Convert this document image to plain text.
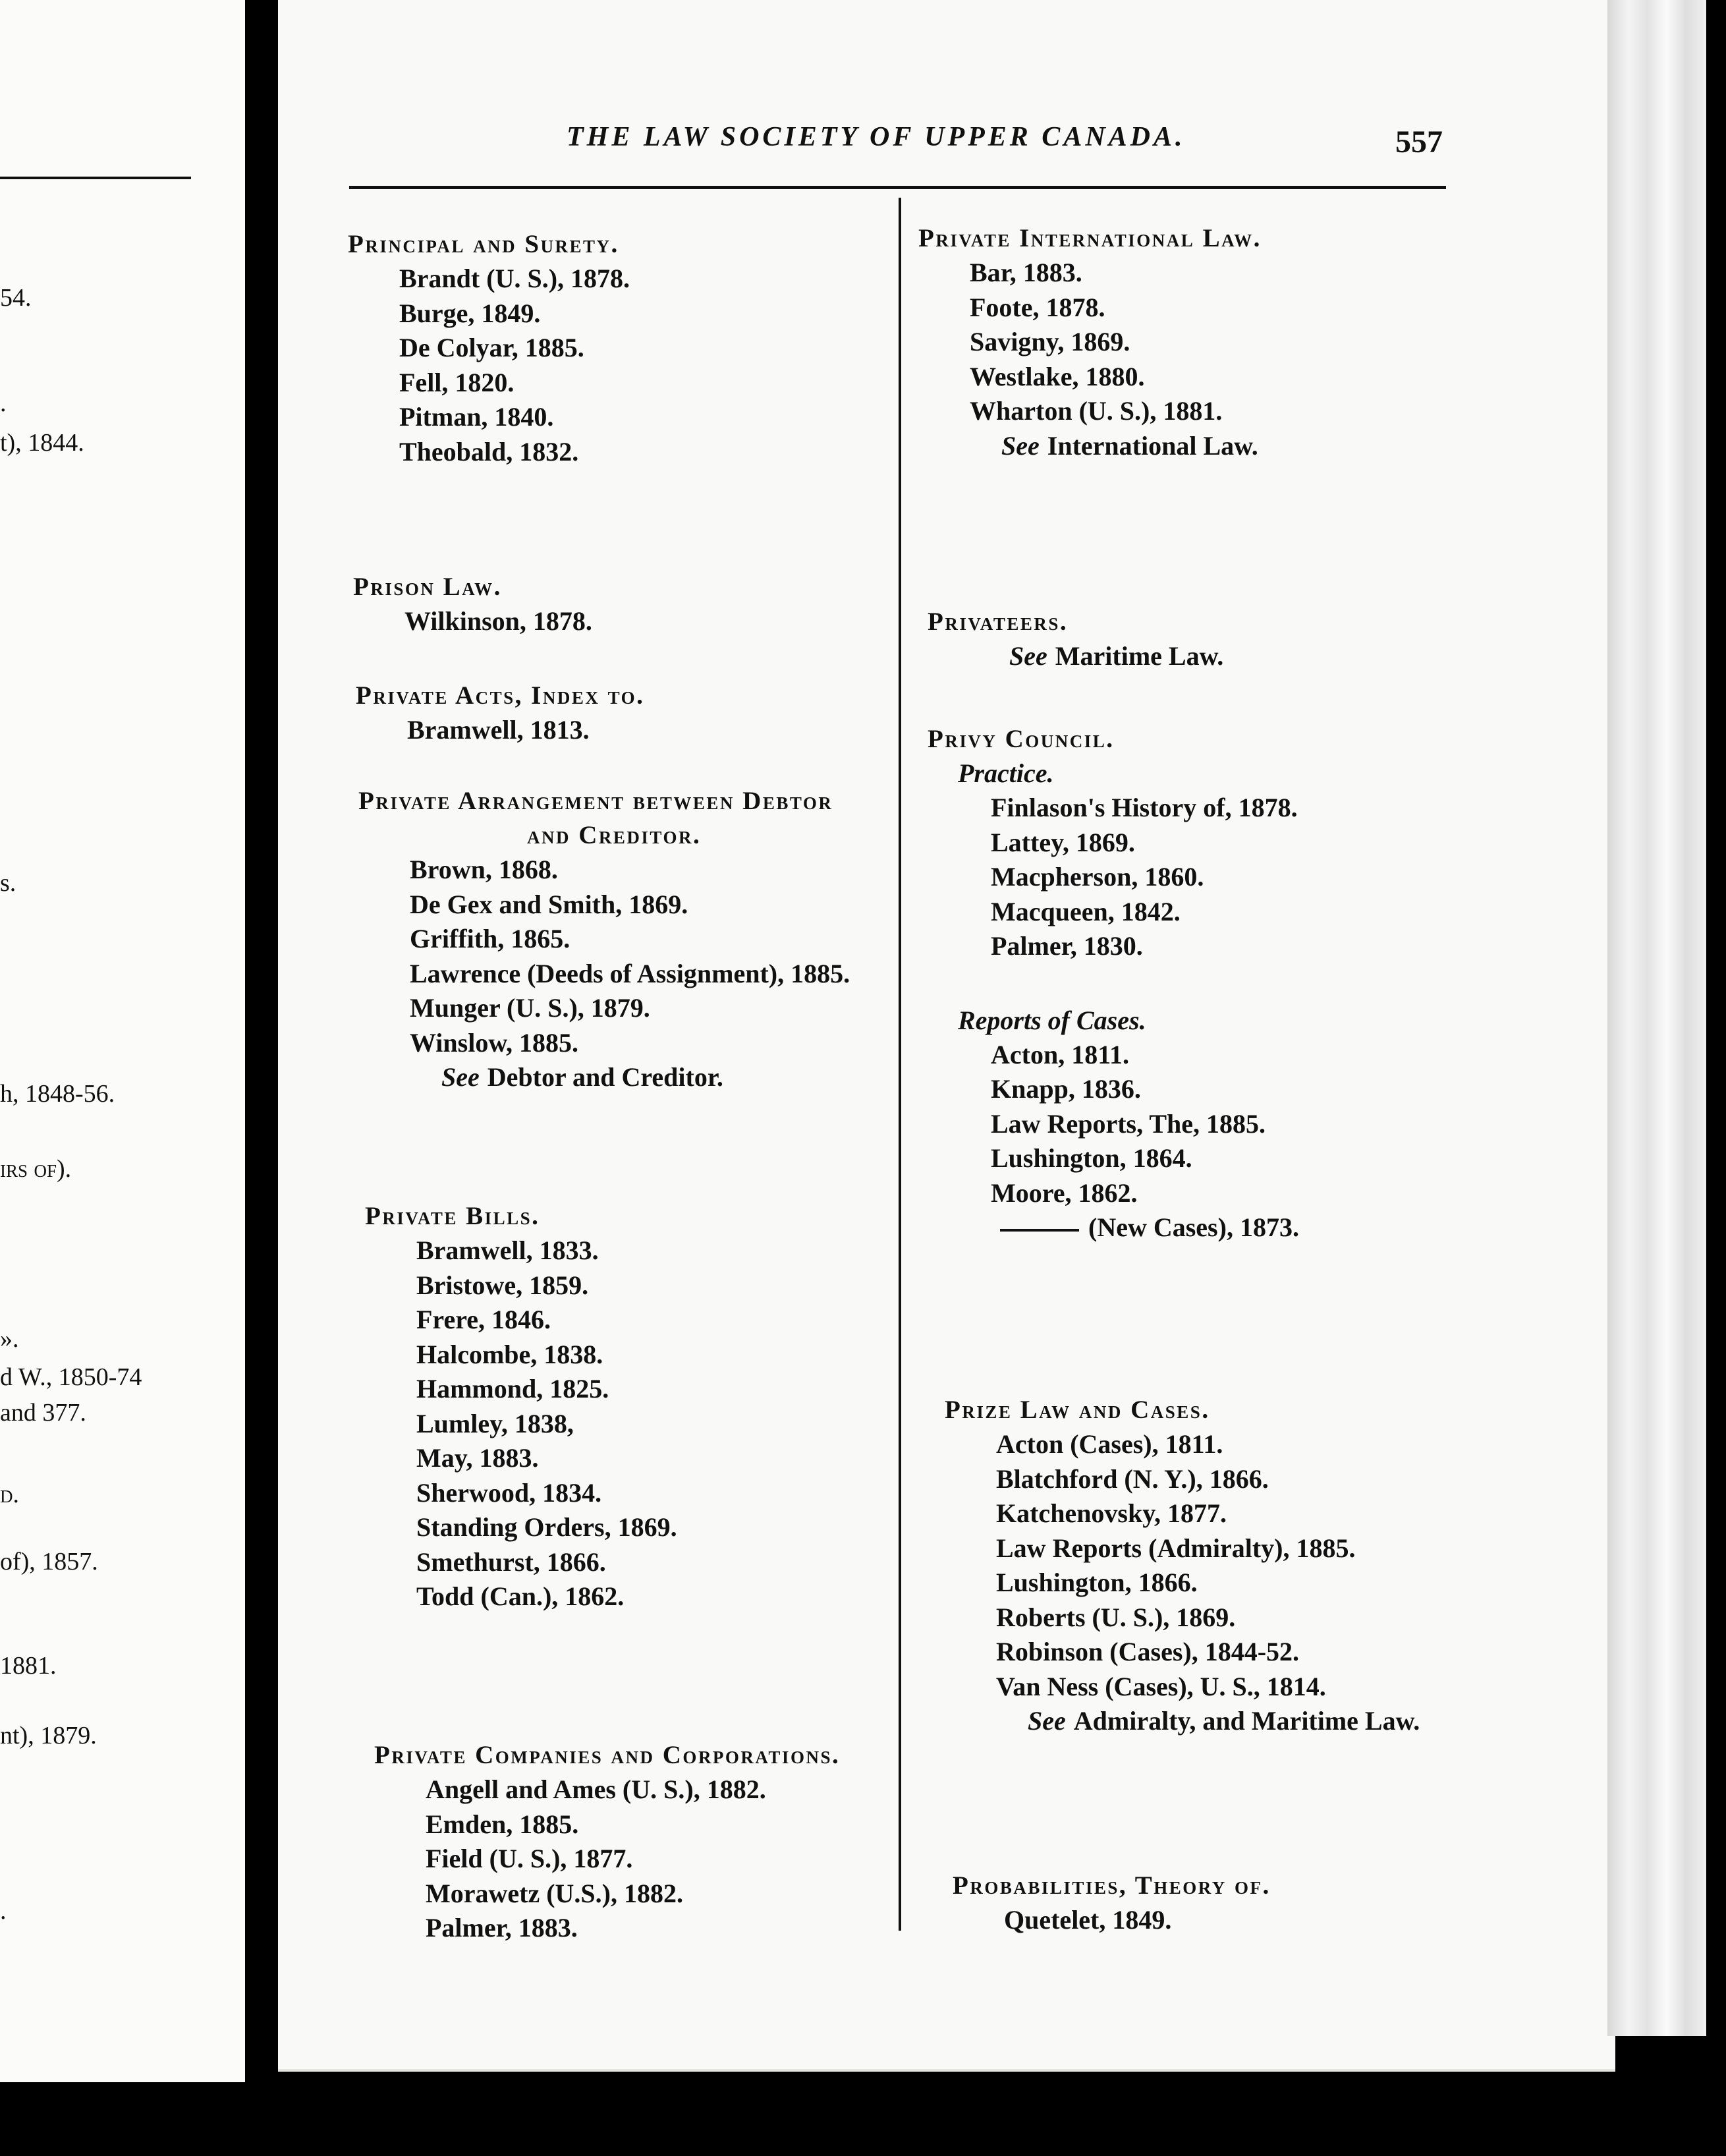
54.
.
t), 1844.
s.
h, 1848-56.
irs of).
».
d W., 1850-74
and 377.
d.
of), 1857.
1881.
nt), 1879.
.
THE LAW SOCIETY OF UPPER CANADA.	557
Principal and Surety.
Brandt (U. S.), 1878.
Burge, 1849.
De Colyar, 1885.
Fell, 1820.
Pitman, 1840.
Theobald, 1832.
Prison Law.
Wilkinson, 1878.
Private Acts, Index to.
Bramwell, 1813.
Private Arrangement between Debtor
and Creditor.
Brown, 1868.
De Gex and Smith, 1869.
Griffith, 1865.
Lawrence (Deeds of Assignment), 1885.
Munger (U. S.), 1879.
Winslow, 1885.
See Debtor and Creditor.
Private Bills.
Bramwell, 1833.
Bristowe, 1859.
Frere, 1846.
Halcombe, 1838.
Hammond, 1825.
Lumley, 1838,
May, 1883.
Sherwood, 1834.
Standing Orders, 1869.
Smethurst, 1866.
Todd (Can.), 1862.
Private Companies and Corporations.
Angell and Ames (U. S.), 1882.
Emden, 1885.
Field (U. S.), 1877.
Morawetz (U.S.), 1882.
Palmer, 1883.
Private International Law.
Bar, 1883.
Foote, 1878.
Savigny, 1869.
Westlake, 1880.
Wharton (U. S.), 1881.
See International Law.
Privateers.
See Maritime Law.
Privy Council.
Practice.
Finlason's History of, 1878.
Lattey, 1869.
Macpherson, 1860.
Macqueen, 1842.
Palmer, 1830.
Reports of Cases.
Acton, 1811.
Knapp, 1836.
Law Reports, The, 1885.
Lushington, 1864.
Moore, 1862.
(New Cases), 1873.
Prize Law and Cases.
Acton (Cases), 1811.
Blatchford (N. Y.), 1866.
Katchenovsky, 1877.
Law Reports (Admiralty), 1885.
Lushington, 1866.
Roberts (U. S.), 1869.
Robinson (Cases), 1844-52.
Van Ness (Cases), U. S., 1814.
See Admiralty, and Maritime Law.
Probabilities, Theory of.
Quetelet, 1849.
